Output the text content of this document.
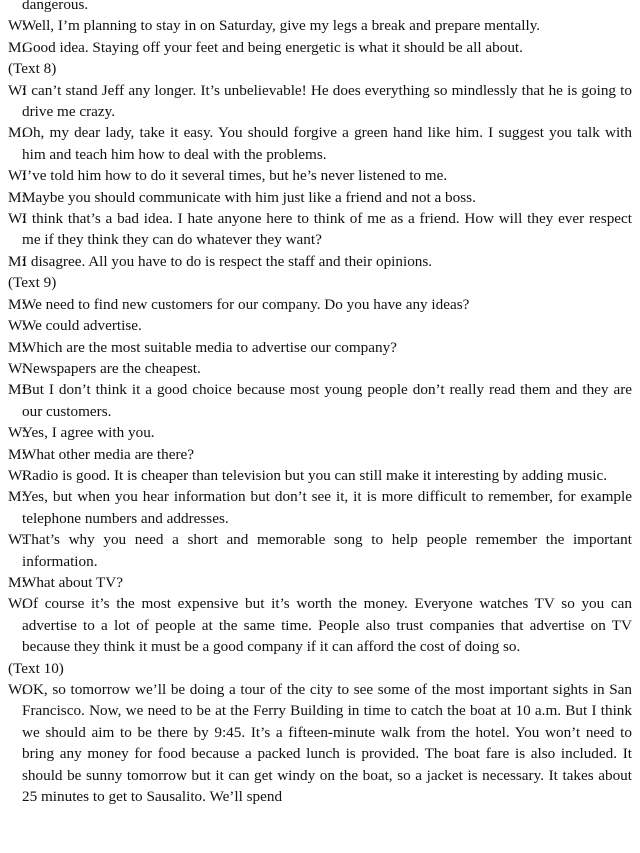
dangerous.
W:
Well, I’m planning to stay in on Saturday, give my legs a break and prepare mentally.
M:
Good idea. Staying off your feet and being energetic is what it should be all about.
(Text 8)
W:
I can’t stand Jeff any longer. It’s unbelievable! He does everything so mindlessly that he is going to drive me crazy.
M:
Oh, my dear lady, take it easy. You should forgive a green hand like him. I suggest you talk with him and teach him how to deal with the problems.
W:
I’ve told him how to do it several times, but he’s never listened to me.
M:
Maybe you should communicate with him just like a friend and not a boss.
W:
I think that’s a bad idea. I hate anyone here to think of me as a friend. How will they ever respect me if they think they can do whatever they want?
M:
I disagree. All you have to do is respect the staff and their opinions.
(Text 9)
M:
We need to find new customers for our company. Do you have any ideas?
W:
We could advertise.
M:
Which are the most suitable media to advertise our company?
W:
Newspapers are the cheapest.
M:
But I don’t think it a good choice because most young people don’t really read them and they are our customers.
W:
Yes, I agree with you.
M:
What other media are there?
W:
Radio is good. It is cheaper than television but you can still make it interesting by adding music.
M:
Yes, but when you hear information but don’t see it, it is more difficult to remember, for example telephone numbers and addresses.
W:
That’s why you need a short and memorable song to help people remember the important information.
M:
What about TV?
W:
Of course it’s the most expensive but it’s worth the money. Everyone watches TV so you can advertise to a lot of people at the same time. People also trust companies that advertise on TV because they think it must be a good company if it can afford the cost of doing so.
(Text 10)
W:
OK, so tomorrow we’ll be doing a tour of the city to see some of the most important sights in San Francisco. Now, we need to be at the Ferry Building in time to catch the boat at 10 a.m. But I think we should aim to be there by 9:45. It’s a fifteen-minute walk from the hotel. You won’t need to bring any money for food because a packed lunch is provided. The boat fare is also included. It should be sunny tomorrow but it can get windy on the boat, so a jacket is necessary. It takes about 25 minutes to get to Sausalito. We’ll spend
